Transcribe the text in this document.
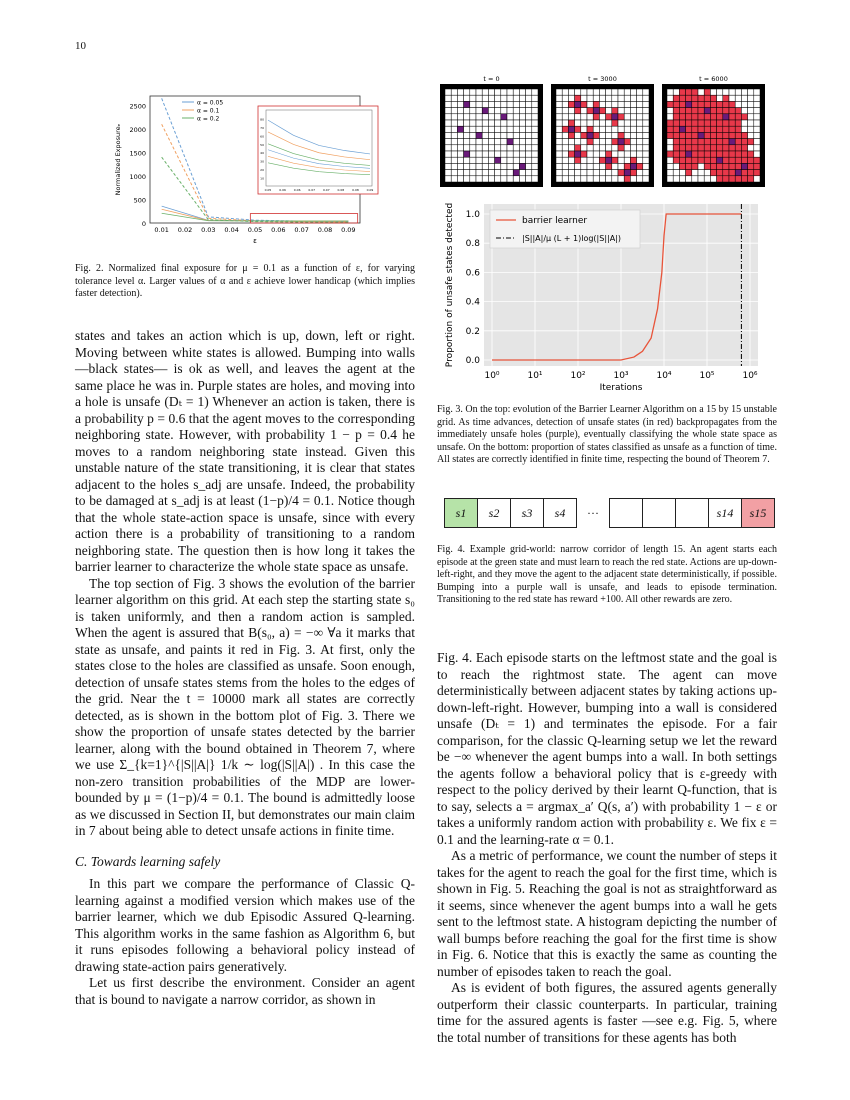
10
0
500
1000
1500
2000
2500
0.01 0.02 0.03 0.04 0.05 0.06 0.07 0.08 0.09
ε
Normalized Exposureₑ
α = 0.05
α = 0.1
α = 0.2
10
20
30
40
50
60
70
80
0.05	0.06	0.06	0.07	0.07	0.08	0.08	0.09
Fig. 2. Normalized final exposure for μ = 0.1 as a function of ε, for varying tolerance level α. Larger values of α and ε achieve lower handicap (which implies faster detection).

states and takes an action which is up, down, left or right. Moving between white states is allowed. Bumping into walls —black states— is ok as well, and leaves the agent at the same place he was in. Purple states are holes, and moving into a hole is unsafe (Dₜ = 1) Whenever an action is taken, there is a probability p = 0.6 that the agent moves to the corresponding neighboring state. However, with probability 1 − p = 0.4 he moves to a random neighboring state instead. Given this unstable nature of the state transitioning, it is clear that states adjacent to the holes s_adj are unsafe. Indeed, the probability to be damaged at s_adj is at least (1−p)/4 = 0.1. Notice though that the whole state-action space is unsafe, since with every action there is a probability of transitioning to a random neighboring state. The question then is how long it takes the barrier learner to characterize the whole state space as unsafe.

The top section of Fig. 3 shows the evolution of the barrier learner algorithm on this grid. At each step the starting state s₀ is taken uniformly, and then a random action is sampled. When the agent is assured that B(s₀, a) = −∞ ∀a it marks that state as unsafe, and paints it red in Fig. 3. At first, only the states close to the holes are classified as unsafe. Soon enough, detection of unsafe states stems from the holes to the edges of the grid. Near the t = 10000 mark all states are correctly detected, as is shown in the bottom plot of Fig. 3. There we show the proportion of unsafe states detected by the barrier learner, along with the bound obtained in Theorem 7, where we use Σ_{k=1}^{|S||A|} 1/k ∼ log(|S||A|) . In this case the non-zero transition probabilities of the MDP are lower-bounded by μ = (1−p)/4 = 0.1. The bound is admittedly loose as we discussed in Section II, but demonstrates our main claim in 7 about being able to detect unsafe actions in finite time.

C. Towards learning safely

In this part we compare the performance of Classic Q-learning against a modified version which makes use of the barrier learner, which we dub Episodic Assured Q-learning. This algorithm works in the same fashion as Algorithm 6, but it runs episodes following a behavioral policy instead of drawing state-action pairs generatively.

Let us first describe the environment. Consider an agent that is bound to navigate a narrow corridor, as shown in

t = 0	t = 3000	t = 6000
0.0
0.2
0.4
0.6
0.8
1.0
10⁰	10¹	10²	10³	10⁴	10⁵	10⁶
Iterations
Proportion of unsafe states detected	barrier learner
|S||A|/μ (L + 1)log(|S||A|)
Fig. 3. On the top: evolution of the Barrier Learner Algorithm on a 15 by 15 unstable grid. As time advances, detection of unsafe states (in red) backpropagates from the immediately unsafe holes (purple), eventually classifying the whole state space as unsafe. On the bottom: proportion of states classified as unsafe as a function of time. All states are correctly identified in finite time, respecting the bound of Theorem 7.
s1	s2	s3	s4	···				s14	s15
Fig. 4. Example grid-world: narrow corridor of length 15. An agent starts each episode at the green state and must learn to reach the red state. Actions are up-down-left-right, and they move the agent to the adjacent state deterministically, if possible. Bumping into a purple wall is unsafe, and leads to episode termination. Transitioning to the red state has reward +100. All other rewards are zero.

Fig. 4. Each episode starts on the leftmost state and the goal is to reach the rightmost state. The agent can move deterministically between adjacent states by taking actions up-down-left-right. However, bumping into a wall is considered unsafe (Dₜ = 1) and terminates the episode. For a fair comparison, for the classic Q-learning setup we let the reward be −∞ whenever the agent bumps into a wall. In both settings the agents follow a behavioral policy that is ε-greedy with respect to the policy derived by their learnt Q-function, that is to say, selects a = argmax_a′ Q(s, a′) with probability 1 − ε or takes a uniformly random action with probability ε. We fix ε = 0.1 and the learning-rate α = 0.1.

As a metric of performance, we count the number of steps it takes for the agent to reach the goal for the first time, which is shown in Fig. 5. Reaching the goal is not as straightforward as it seems, since whenever the agent bumps into a wall he gets sent to the leftmost state. A histogram depicting the number of wall bumps before reaching the goal for the first time is show in Fig. 6. Notice that this is exactly the same as counting the number of episodes taken to reach the goal.

As is evident of both figures, the assured agents generally outperform their classic counterparts. In particular, training time for the assured agents is faster —see e.g. Fig. 5, where the total number of transitions for these agents has both
